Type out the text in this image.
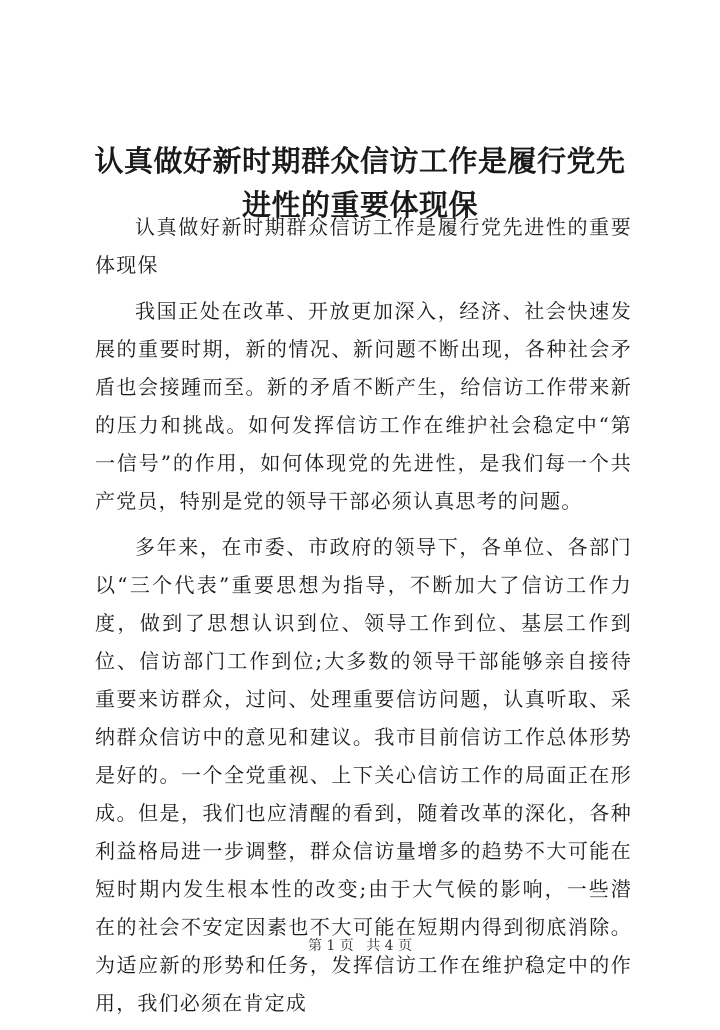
认真做好新时期群众信访工作是履行党先进性的重要体现保

认真做好新时期群众信访工作是履行党先进性的重要体现保

我国正处在改革、开放更加深入，经济、社会快速发展的重要时期，新的情况、新问题不断出现，各种社会矛盾也会接踵而至。新的矛盾不断产生，给信访工作带来新的压力和挑战。如何发挥信访工作在维护社会稳定中“第一信号”的作用，如何体现党的先进性，是我们每一个共产党员，特别是党的领导干部必须认真思考的问题。

多年来，在市委、市政府的领导下，各单位、各部门以“三个代表”重要思想为指导，不断加大了信访工作力度，做到了思想认识到位、领导工作到位、基层工作到位、信访部门工作到位;大多数的领导干部能够亲自接待重要来访群众，过问、处理重要信访问题，认真听取、采纳群众信访中的意见和建议。我市目前信访工作总体形势是好的。一个全党重视、上下关心信访工作的局面正在形成。但是，我们也应清醒的看到，随着改革的深化，各种利益格局进一步调整，群众信访量增多的趋势不大可能在短时期内发生根本性的改变;由于大气候的影响，一些潜在的社会不安定因素也不大可能在短期内得到彻底消除。为适应新的形势和任务，发挥信访工作在维护稳定中的作用，我们必须在肯定成

第 1 页 共 4 页
